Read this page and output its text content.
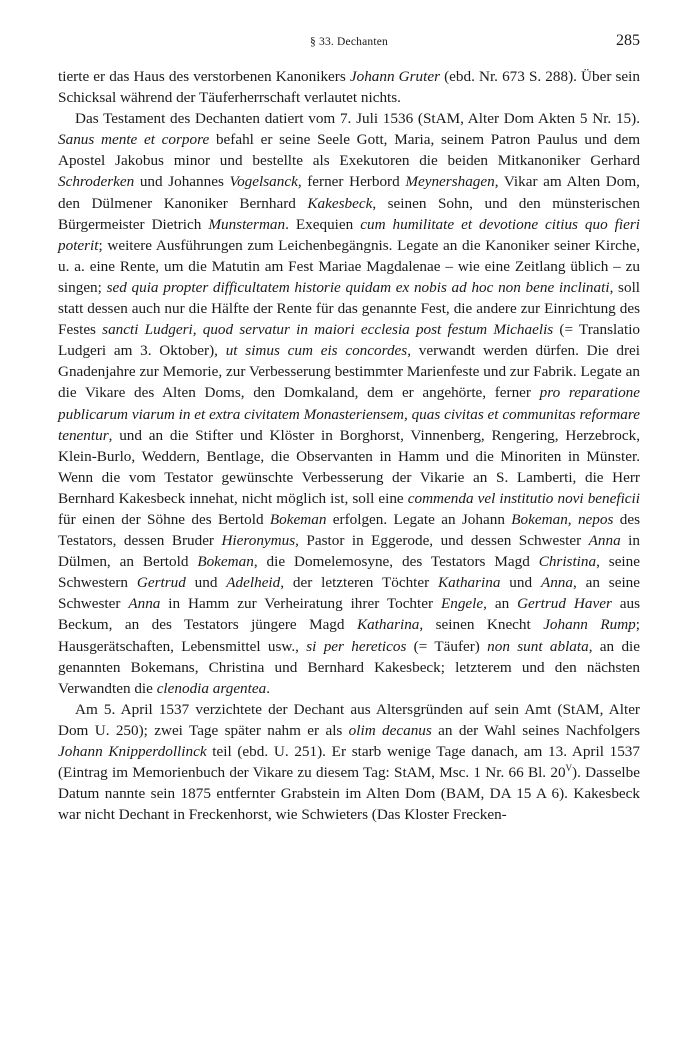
§ 33. Dechanten	285

tierte er das Haus des verstorbenen Kanonikers Johann Gruter (ebd. Nr. 673 S. 288). Über sein Schicksal während der Täuferherrschaft verlautet nichts.

Das Testament des Dechanten datiert vom 7. Juli 1536 (StAM, Alter Dom Akten 5 Nr. 15). Sanus mente et corpore befahl er seine Seele Gott, Maria, seinem Patron Paulus und dem Apostel Jakobus minor und bestellte als Exekutoren die beiden Mitkanoniker Gerhard Schroderken und Johannes Vogelsanck, ferner Herbord Meynershagen, Vikar am Alten Dom, den Dülmener Kanoniker Bernhard Kakesbeck, seinen Sohn, und den münsterischen Bürgermeister Dietrich Munsterman. Exequien cum humilitate et devotione citius quo fieri poterit; weitere Ausführungen zum Leichenbegängnis. Legate an die Kanoniker seiner Kirche, u. a. eine Rente, um die Matutin am Fest Mariae Magdalenae – wie eine Zeitlang üblich – zu singen; sed quia propter difficultatem historie quidam ex nobis ad hoc non bene inclinati, soll statt dessen auch nur die Hälfte der Rente für das genannte Fest, die andere zur Einrichtung des Festes sancti Ludgeri, quod servatur in maiori ecclesia post festum Michaelis (= Translatio Ludgeri am 3. Oktober), ut simus cum eis concordes, verwandt werden dürfen. Die drei Gnadenjahre zur Memorie, zur Verbesserung bestimmter Marienfeste und zur Fabrik. Legate an die Vikare des Alten Doms, den Domkaland, dem er angehörte, ferner pro reparatione publicarum viarum in et extra civitatem Monasteriensem, quas civitas et communitas reformare tenentur, und an die Stifter und Klöster in Borghorst, Vinnenberg, Rengering, Herzebrock, Klein-Burlo, Weddern, Bentlage, die Observanten in Hamm und die Minoriten in Münster. Wenn die vom Testator gewünschte Verbesserung der Vikarie an S. Lamberti, die Herr Bernhard Kakesbeck innehat, nicht möglich ist, soll eine commenda vel institutio novi beneficii für einen der Söhne des Bertold Bokeman erfolgen. Legate an Johann Bokeman, nepos des Testators, dessen Bruder Hieronymus, Pastor in Eggerode, und dessen Schwester Anna in Dülmen, an Bertold Bokeman, die Domelemosyne, des Testators Magd Christina, seine Schwestern Gertrud und Adelheid, der letzteren Töchter Katharina und Anna, an seine Schwester Anna in Hamm zur Verheiratung ihrer Tochter Engele, an Gertrud Haver aus Beckum, an des Testators jüngere Magd Katharina, seinen Knecht Johann Rump; Hausgerätschaften, Lebensmittel usw., si per hereticos (= Täufer) non sunt ablata, an die genannten Bokemans, Christina und Bernhard Kakesbeck; letzterem und den nächsten Verwandten die clenodia argentea.

Am 5. April 1537 verzichtete der Dechant aus Altersgründen auf sein Amt (StAM, Alter Dom U. 250); zwei Tage später nahm er als olim decanus an der Wahl seines Nachfolgers Johann Knipperdollinck teil (ebd. U. 251). Er starb wenige Tage danach, am 13. April 1537 (Eintrag im Memorienbuch der Vikare zu diesem Tag: StAM, Msc. 1 Nr. 66 Bl. $20^V$). Dasselbe Datum nannte sein 1875 entfernter Grabstein im Alten Dom (BAM, DA 15 A 6). Kakesbeck war nicht Dechant in Freckenhorst, wie Schwieters (Das Kloster Frecken-
